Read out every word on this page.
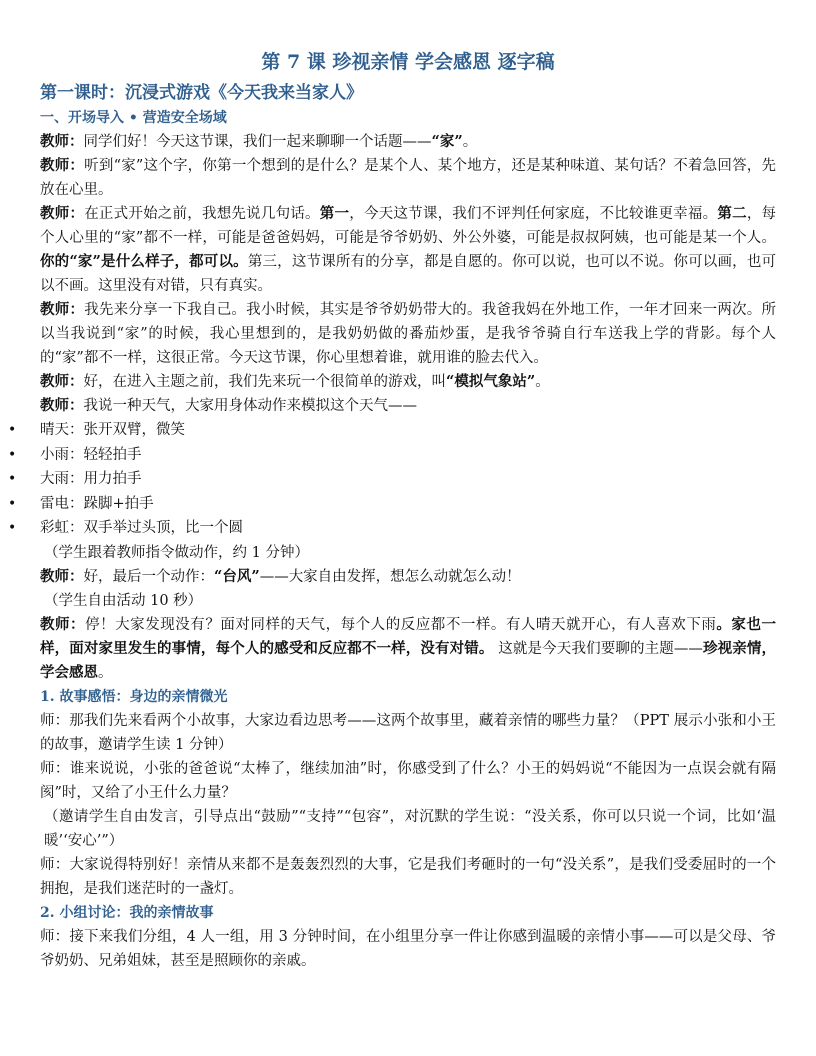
第 7 课 珍视亲情 学会感恩 逐字稿
第一课时：沉浸式游戏《今天我来当家人》
一、开场导入 • 营造安全场域

教师：同学们好！今天这节课，我们一起来聊聊一个话题——“家”。

教师：听到“家”这个字，你第一个想到的是什么？是某个人、某个地方，还是某种味道、某句话？不着急回答，先放在心里。

教师：在正式开始之前，我想先说几句话。第一，今天这节课，我们不评判任何家庭，不比较谁更幸福。第二，每个人心里的“家”都不一样，可能是爸爸妈妈，可能是爷爷奶奶、外公外婆，可能是叔叔阿姨，也可能是某一个人。你的“家”是什么样子，都可以。第三，这节课所有的分享，都是自愿的。你可以说，也可以不说。你可以画，也可以不画。这里没有对错，只有真实。

教师：我先来分享一下我自己。我小时候，其实是爷爷奶奶带大的。我爸我妈在外地工作，一年才回来一两次。所以当我说到“家”的时候，我心里想到的，是我奶奶做的番茄炒蛋，是我爷爷骑自行车送我上学的背影。每个人的“家”都不一样，这很正常。今天这节课，你心里想着谁，就用谁的脸去代入。

教师：好，在进入主题之前，我们先来玩一个很简单的游戏，叫“模拟气象站”。

教师：我说一种天气，大家用身体动作来模拟这个天气——

• 晴天：张开双臂，微笑
• 小雨：轻轻拍手
• 大雨：用力拍手
• 雷电：跺脚+拍手
• 彩虹：双手举过头顶，比一个圆

（学生跟着教师指令做动作，约 1 分钟）

教师：好，最后一个动作：“台风”——大家自由发挥，想怎么动就怎么动！

（学生自由活动 10 秒）

教师：停！大家发现没有？面对同样的天气，每个人的反应都不一样。有人晴天就开心，有人喜欢下雨。家也一样，面对家里发生的事情，每个人的感受和反应都不一样，没有对错。 这就是今天我们要聊的主题——珍视亲情，学会感恩。

1. 故事感悟：身边的亲情微光

师：那我们先来看两个小故事，大家边看边思考——这两个故事里，藏着亲情的哪些力量？（PPT 展示小张和小王的故事，邀请学生读 1 分钟）

师：谁来说说，小张的爸爸说“太棒了，继续加油”时，你感受到了什么？小王的妈妈说“不能因为一点误会就有隔阂”时，又给了小王什么力量？

（邀请学生自由发言，引导点出“鼓励”“支持”“包容”，对沉默的学生说：“没关系，你可以只说一个词，比如‘温暖’‘安心’”）

师：大家说得特别好！亲情从来都不是轰轰烈烈的大事，它是我们考砸时的一句“没关系”，是我们受委屈时的一个拥抱，是我们迷茫时的一盏灯。

2. 小组讨论：我的亲情故事

师：接下来我们分组，4 人一组，用 3 分钟时间，在小组里分享一件让你感到温暖的亲情小事——可以是父母、爷爷奶奶、兄弟姐妹，甚至是照顾你的亲戚。
